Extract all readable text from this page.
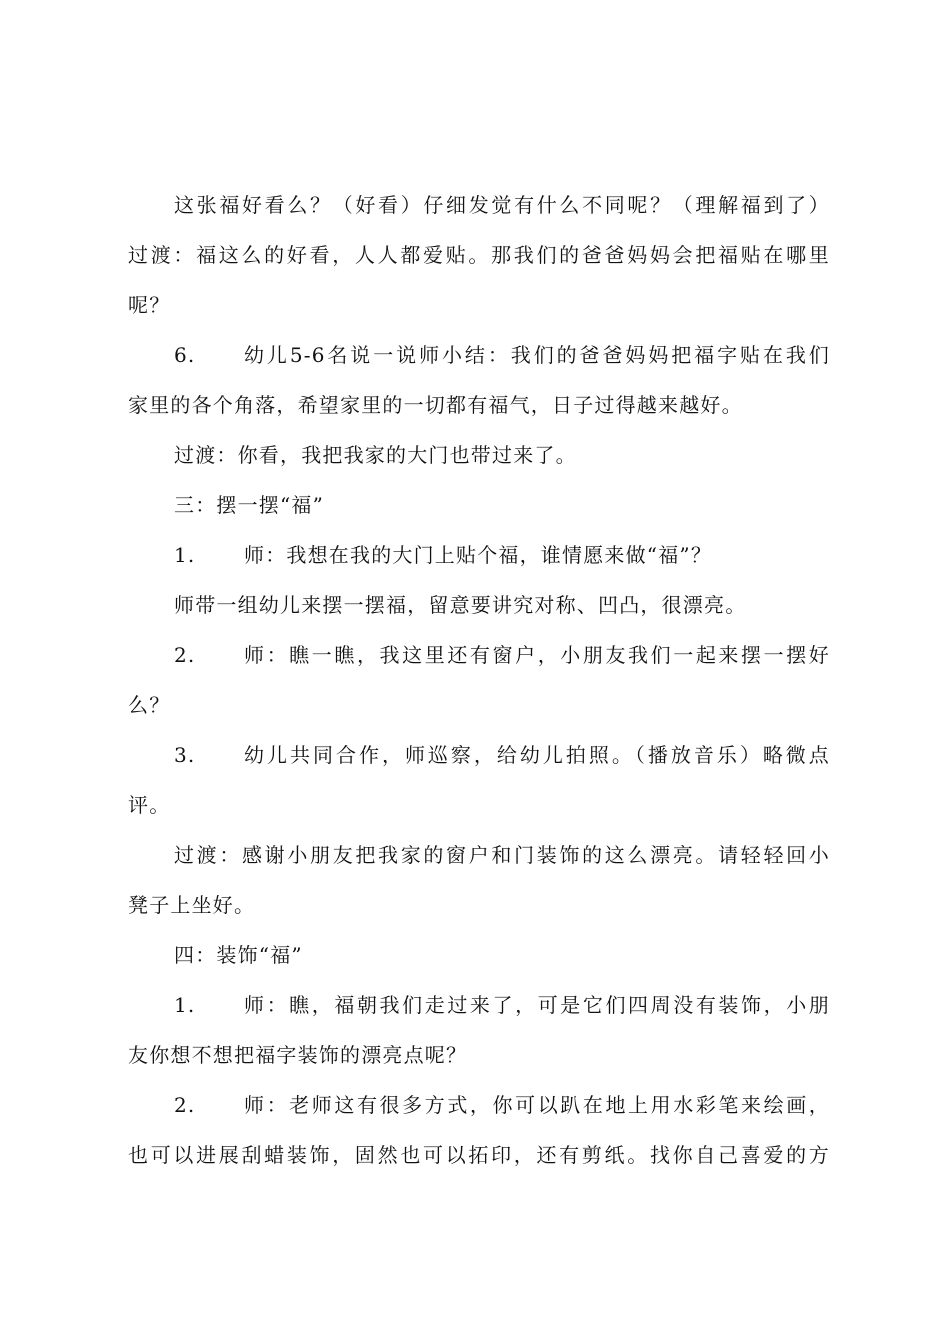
这张福好看么？（好看）仔细发觉有什么不同呢？（理解福到了）
过渡：福这么的好看，人人都爱贴。那我们的爸爸妈妈会把福贴在哪里
呢？
6. 幼儿5-6名说一说师小结：我们的爸爸妈妈把福字贴在我们
家里的各个角落，希望家里的一切都有福气，日子过得越来越好。
过渡：你看，我把我家的大门也带过来了。
三：摆一摆“福”
1. 师：我想在我的大门上贴个福，谁情愿来做“福”？
师带一组幼儿来摆一摆福，留意要讲究对称、凹凸，很漂亮。
2. 师：瞧一瞧，我这里还有窗户，小朋友我们一起来摆一摆好
么？
3. 幼儿共同合作，师巡察，给幼儿拍照。（播放音乐）略微点
评。
过渡：感谢小朋友把我家的窗户和门装饰的这么漂亮。请轻轻回小
凳子上坐好。
四：装饰“福”
1. 师：瞧，福朝我们走过来了，可是它们四周没有装饰，小朋
友你想不想把福字装饰的漂亮点呢？
2. 师：老师这有很多方式，你可以趴在地上用水彩笔来绘画，
也可以进展刮蜡装饰，固然也可以拓印，还有剪纸。找你自己喜爱的方
